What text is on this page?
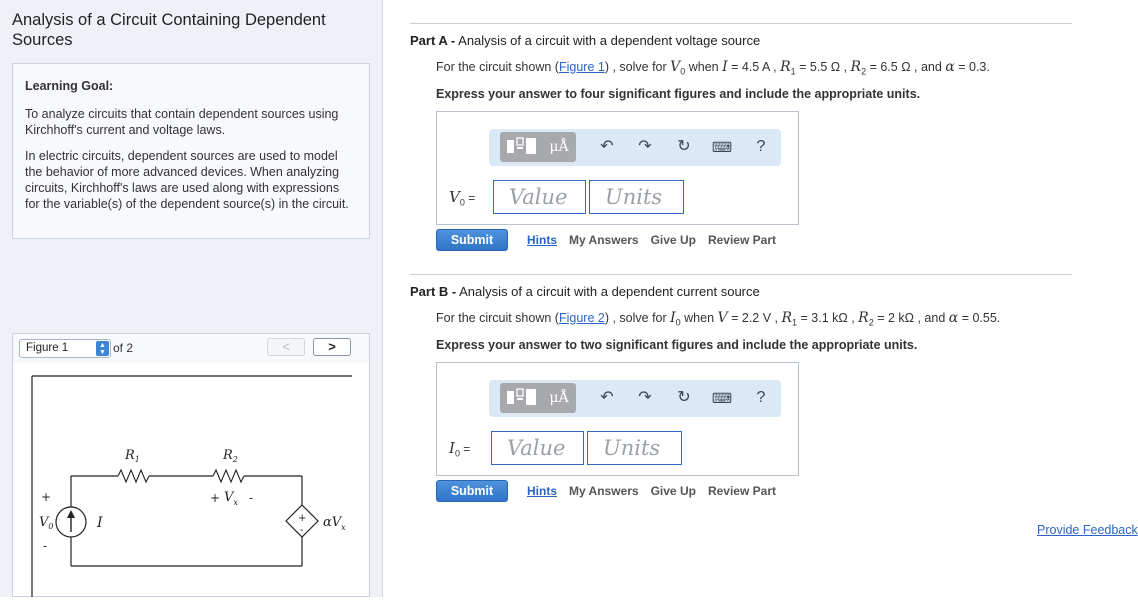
Analysis of a Circuit Containing Dependent Sources
Learning Goal:

To analyze circuits that contain dependent sources using Kirchhoff's current and voltage laws.

In electric circuits, dependent sources are used to model the behavior of more advanced devices. When analyzing circuits, Kirchhoff's laws are used along with expressions for the variable(s) of the dependent source(s) in the circuit.

Figure 1	▲
▼ of 2	<	>
$R_1$	$R_2$
+ $V_x$ -
+
$V_0$
-
I	+
-
$\alpha V_x$
Part A - Analysis of a circuit with a dependent voltage source
For the circuit shown (Figure 1) , solve for $V_0$ when I = 4.5 A , $R_1 = 5.5$ Ω , $R_2 = 6.5$ Ω , and α = 0.3.
Express your answer to four significant figures and include the appropriate units.
μÅ	↶ ↷ ↻	⌨	?
$V_0$ =	Value	Units
Submit	Hints My Answers Give Up Review Part
Part B - Analysis of a circuit with a dependent current source
For the circuit shown (Figure 2) , solve for $I_0$ when V = 2.2 V , $R_1 = 3.1$ kΩ , $R_2 = 2$ kΩ , and α = 0.55.
Express your answer to two significant figures and include the appropriate units.
μÅ	↶ ↷ ↻	⌨	?
$I_0$ =	Value	Units
Submit	Hints My Answers Give Up Review Part
Provide Feedback
